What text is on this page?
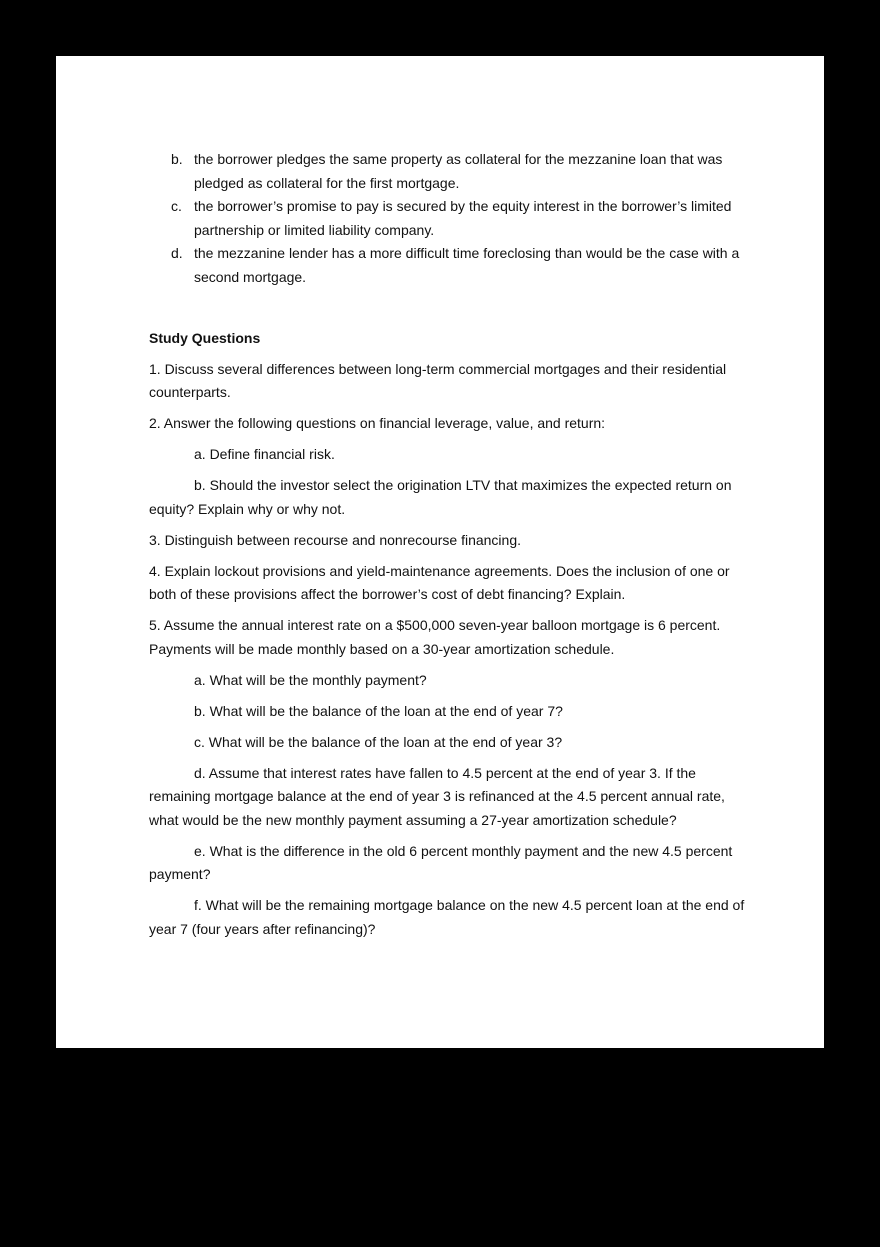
b. the borrower pledges the same property as collateral for the mezzanine loan that was pledged as collateral for the first mortgage.
c. the borrower’s promise to pay is secured by the equity interest in the borrower’s limited partnership or limited liability company.
d. the mezzanine lender has a more difficult time foreclosing than would be the case with a second mortgage.
Study Questions

1. Discuss several differences between long-term commercial mortgages and their residential counterparts.

2. Answer the following questions on financial leverage, value, and return:

a. Define financial risk.

b. Should the investor select the origination LTV that maximizes the expected return on equity? Explain why or why not.

3. Distinguish between recourse and nonrecourse financing.

4. Explain lockout provisions and yield-maintenance agreements. Does the inclusion of one or both of these provisions affect the borrower’s cost of debt financing? Explain.

5. Assume the annual interest rate on a $500,000 seven-year balloon mortgage is 6 percent. Payments will be made monthly based on a 30-year amortization schedule.

a. What will be the monthly payment?

b. What will be the balance of the loan at the end of year 7?

c. What will be the balance of the loan at the end of year 3?

d. Assume that interest rates have fallen to 4.5 percent at the end of year 3. If the remaining mortgage balance at the end of year 3 is refinanced at the 4.5 percent annual rate, what would be the new monthly payment assuming a 27-year amortization schedule?

e. What is the difference in the old 6 percent monthly payment and the new 4.5 percent payment?

f. What will be the remaining mortgage balance on the new 4.5 percent loan at the end of year 7 (four years after refinancing)?
